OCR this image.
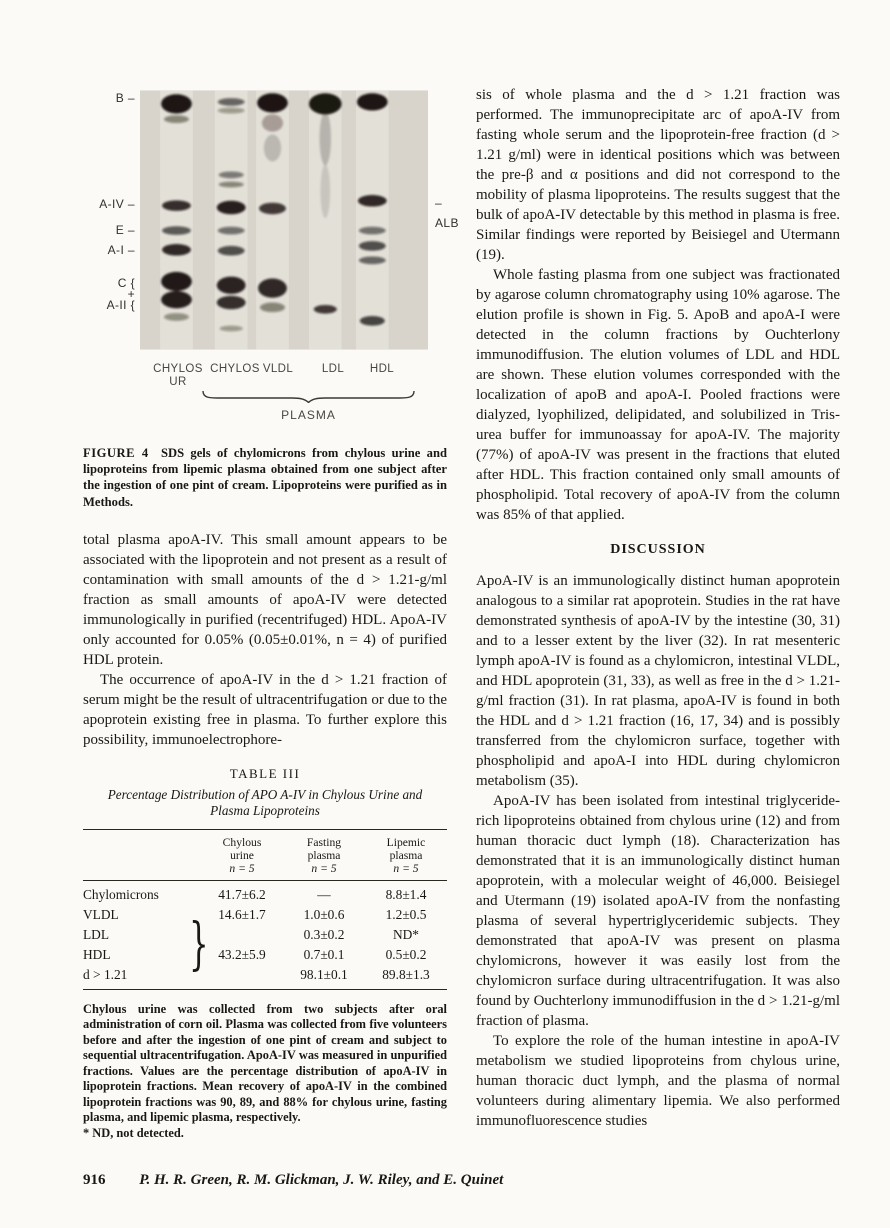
B –
A-IV –
E –
A-I –
C {
+
A-II {
– ALB
CHYLOS
UR
CHYLOS VLDL	LDL	HDL
PLASMA

FIGURE 4 SDS gels of chylomicrons from chylous urine and lipoproteins from lipemic plasma obtained from one subject after the ingestion of one pint of cream. Lipoproteins were purified as in Methods.

total plasma apoA-IV. This small amount appears to be associated with the lipoprotein and not present as a result of contamination with small amounts of the d > 1.21-g/ml fraction as small amounts of apoA-IV were detected immunologically in purified (recentrifuged) HDL. ApoA-IV only accounted for 0.05% (0.05±0.01%, n = 4) of purified HDL protein.

The occurrence of apoA-IV in the d > 1.21 fraction of serum might be the result of ultracentrifugation or due to the apoprotein existing free in plasma. To further explore this possibility, immunoelectrophore-

TABLE III
Percentage Distribution of APO A-IV in Chylous Urine and Plasma Lipoproteins

Chylous
urine
n = 5

Fasting
plasma
n = 5

Lipemic
plasma
n = 5

Chylomicrons	41.7±6.2	—	8.8±1.4
VLDL	14.6±1.7	1.0±0.6	1.2±0.5
LDL		0.3±0.2	ND*
HDL	43.2±5.9	0.7±0.1	0.5±0.2
d > 1.21		98.1±0.1	89.8±1.3
}

Chylous urine was collected from two subjects after oral administration of corn oil. Plasma was collected from five volunteers before and after the ingestion of one pint of cream and subject to sequential ultracentrifugation. ApoA-IV was measured in unpurified fractions. Values are the percentage distribution of apoA-IV in lipoprotein fractions. Mean recovery of apoA-IV in the combined lipoprotein fractions was 90, 89, and 88% for chylous urine, fasting plasma, and lipemic plasma, respectively.

* ND, not detected.

sis of whole plasma and the d > 1.21 fraction was performed. The immunoprecipitate arc of apoA-IV from fasting whole serum and the lipoprotein-free fraction (d > 1.21 g/ml) were in identical positions which was between the pre-β and α positions and did not correspond to the mobility of plasma lipoproteins. The results suggest that the bulk of apoA-IV detectable by this method in plasma is free. Similar findings were reported by Beisiegel and Utermann (19).

Whole fasting plasma from one subject was fractionated by agarose column chromatography using 10% agarose. The elution profile is shown in Fig. 5. ApoB and apoA-I were detected in the column fractions by Ouchterlony immunodiffusion. The elution volumes of LDL and HDL are shown. These elution volumes corresponded with the localization of apoB and apoA-I. Pooled fractions were dialyzed, lyophilized, delipidated, and solubilized in Tris-urea buffer for immunoassay for apoA-IV. The majority (77%) of apoA-IV was present in the fractions that eluted after HDL. This fraction contained only small amounts of phospholipid. Total recovery of apoA-IV from the column was 85% of that applied.

DISCUSSION

ApoA-IV is an immunologically distinct human apoprotein analogous to a similar rat apoprotein. Studies in the rat have demonstrated synthesis of apoA-IV by the intestine (30, 31) and to a lesser extent by the liver (32). In rat mesenteric lymph apoA-IV is found as a chylomicron, intestinal VLDL, and HDL apoprotein (31, 33), as well as free in the d > 1.21-g/ml fraction (31). In rat plasma, apoA-IV is found in both the HDL and d > 1.21 fraction (16, 17, 34) and is possibly transferred from the chylomicron surface, together with phospholipid and apoA-I into HDL during chylomicron metabolism (35).

ApoA-IV has been isolated from intestinal triglyceride-rich lipoproteins obtained from chylous urine (12) and from human thoracic duct lymph (18). Characterization has demonstrated that it is an immunologically distinct human apoprotein, with a molecular weight of 46,000. Beisiegel and Utermann (19) isolated apoA-IV from the nonfasting plasma of several hypertriglyceridemic subjects. They demonstrated that apoA-IV was present on plasma chylomicrons, however it was easily lost from the chylomicron surface during ultracentrifugation. It was also found by Ouchterlony immunodiffusion in the d > 1.21-g/ml fraction of plasma.

To explore the role of the human intestine in apoA-IV metabolism we studied lipoproteins from chylous urine, human thoracic duct lymph, and the plasma of normal volunteers during alimentary lipemia. We also performed immunofluorescence studies

916 P. H. R. Green, R. M. Glickman, J. W. Riley, and E. Quinet
